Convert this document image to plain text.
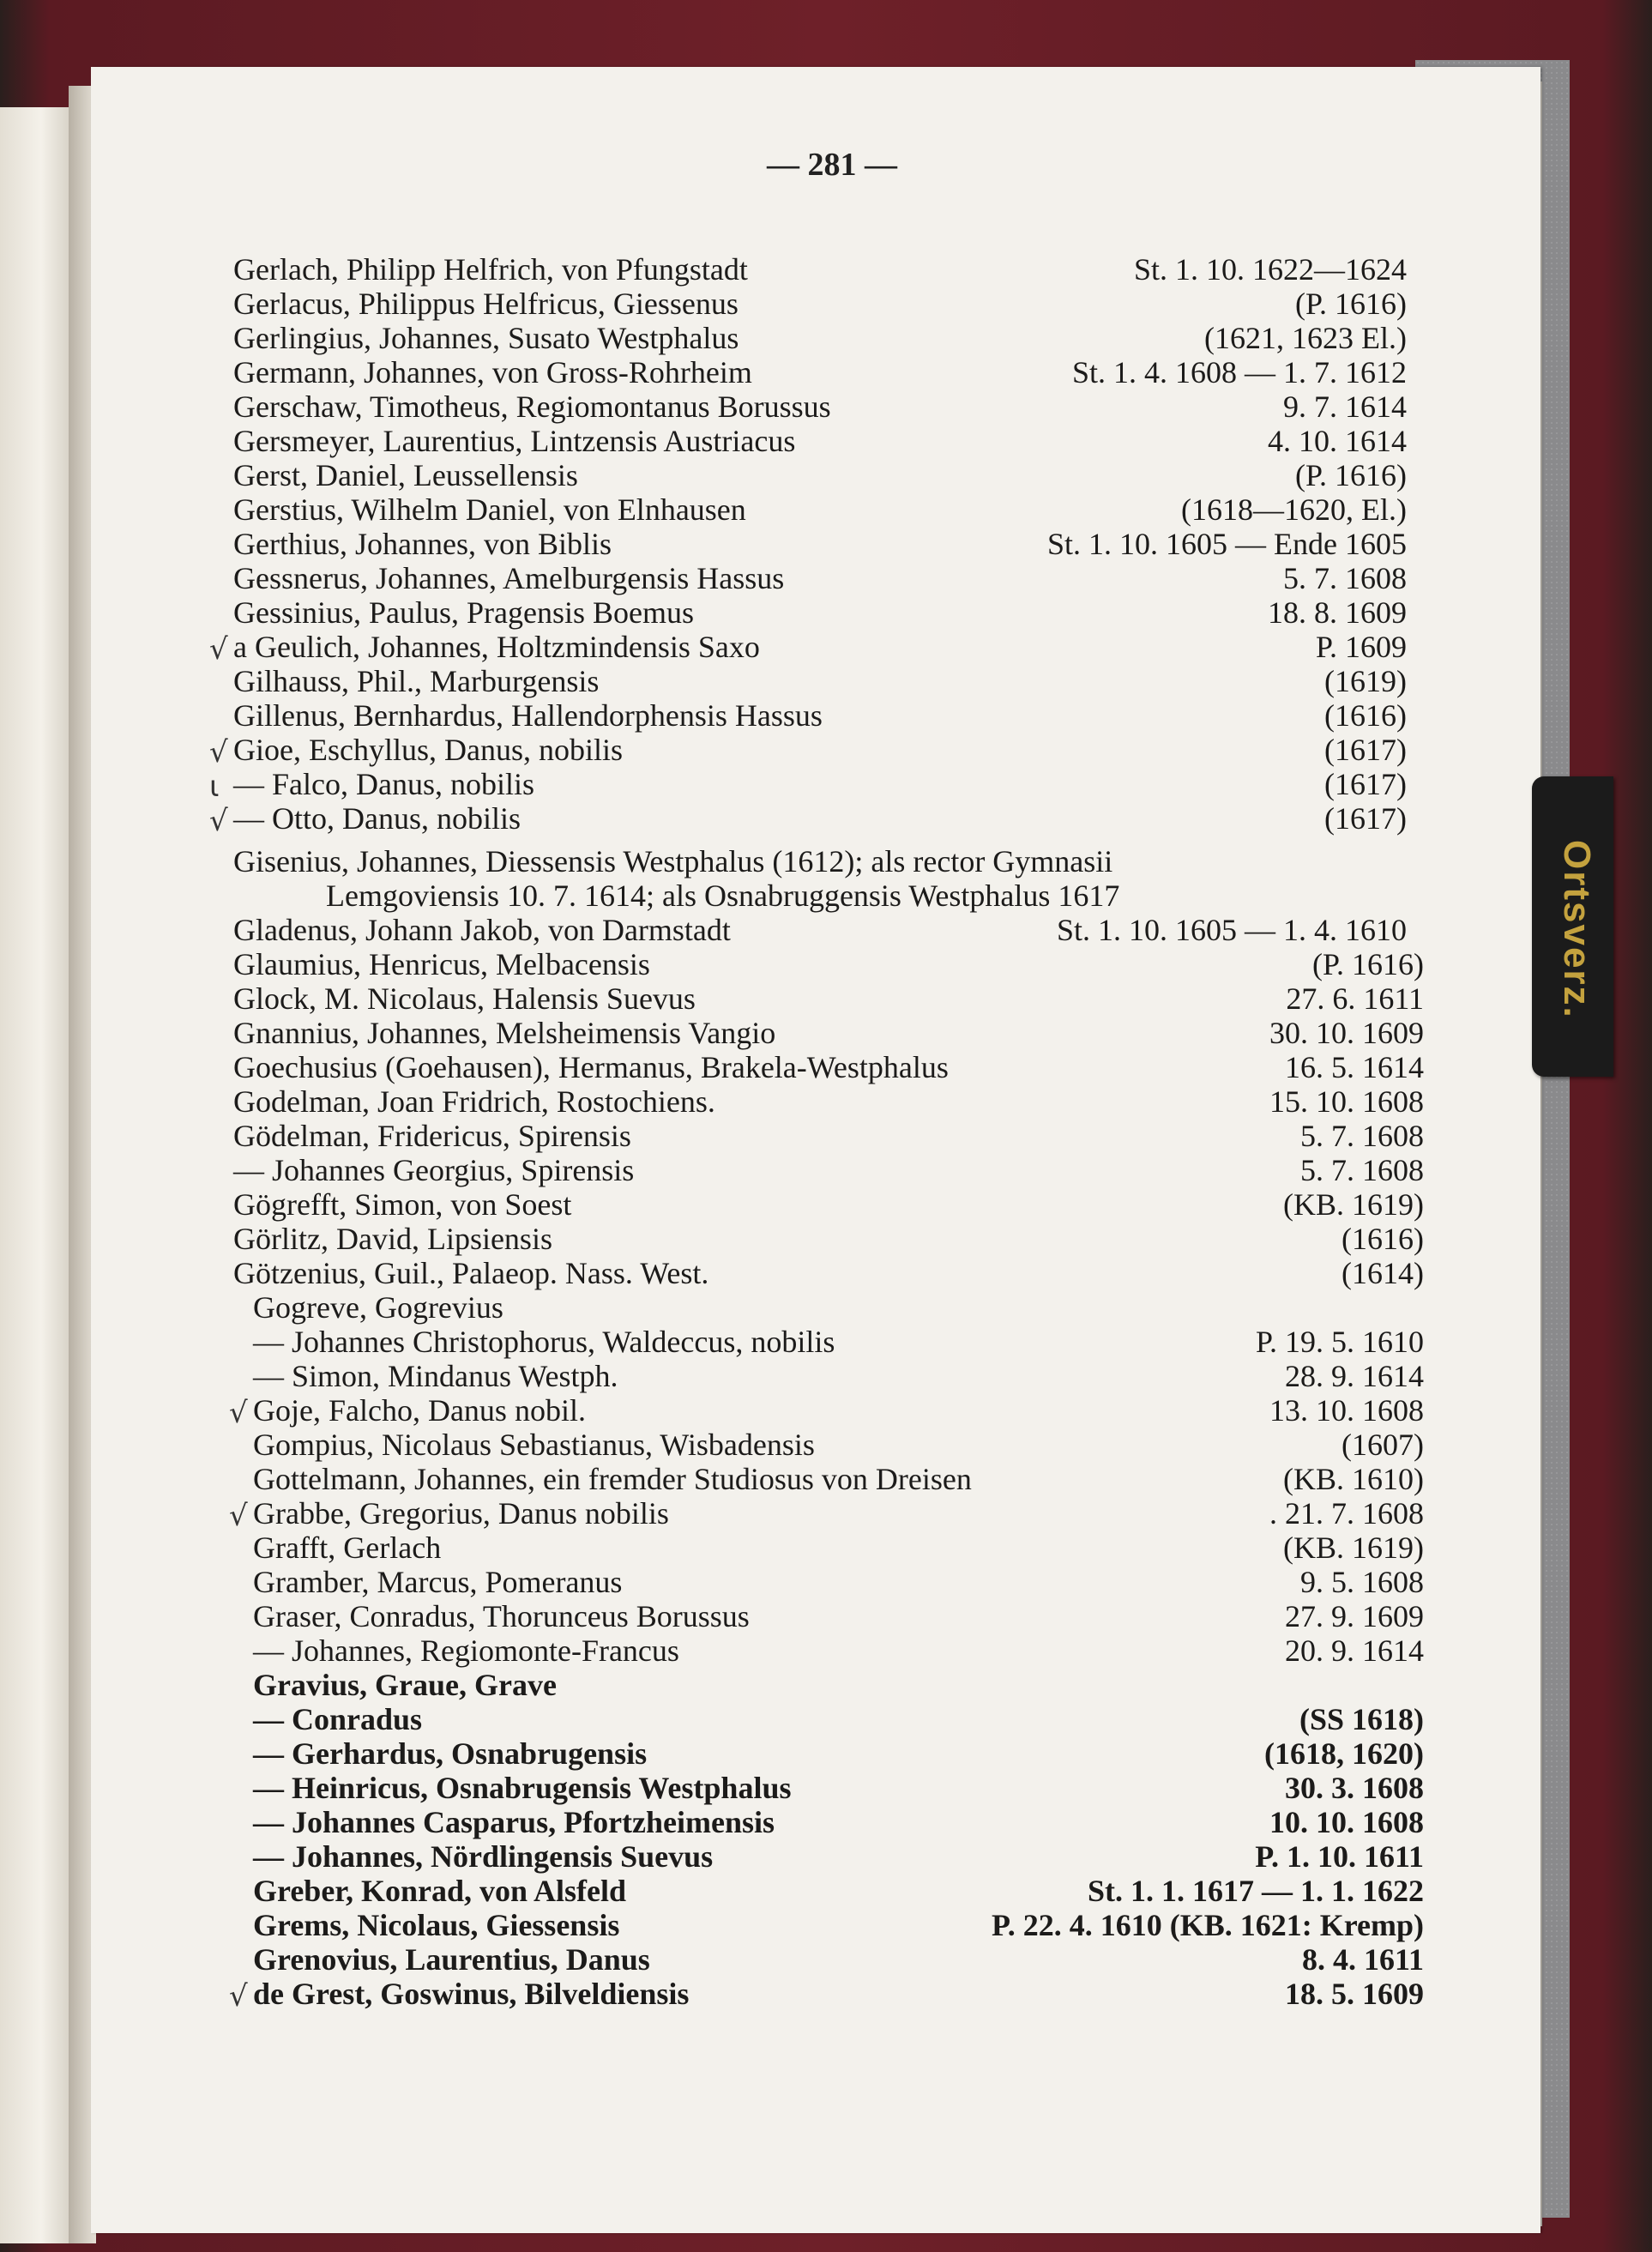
Ortsverz.
— 281 —
Gerlach, Philipp Helfrich, von Pfungstadt	St. 1. 10. 1622—1624
Gerlacus, Philippus Helfricus, Giessenus	(P. 1616)
Gerlingius, Johannes, Susato Westphalus	(1621, 1623 El.)
Germann, Johannes, von Gross-Rohrheim	St. 1. 4. 1608 — 1. 7. 1612
Gerschaw, Timotheus, Regiomontanus Borussus	9. 7. 1614
Gersmeyer, Laurentius, Lintzensis Austriacus	4. 10. 1614
Gerst, Daniel, Leussellensis	(P. 1616)
Gerstius, Wilhelm Daniel, von Elnhausen	(1618—1620, El.)
Gerthius, Johannes, von Biblis	St. 1. 10. 1605 — Ende 1605
Gessnerus, Johannes, Amelburgensis Hassus	5. 7. 1608
Gessinius, Paulus, Pragensis Boemus	18. 8. 1609
√ a Geulich, Johannes, Holtzmindensis Saxo	P. 1609
Gilhauss, Phil., Marburgensis	(1619)
Gillenus, Bernhardus, Hallendorphensis Hassus	(1616)
√ Gioe, Eschyllus, Danus, nobilis	(1617)
ι — Falco, Danus, nobilis	(1617)
√ — Otto, Danus, nobilis	(1617)
Gisenius, Johannes, Diessensis Westphalus (1612); als rector Gymnasii
Lemgoviensis 10. 7. 1614; als Osnabruggensis Westphalus 1617
Gladenus, Johann Jakob, von Darmstadt	St. 1. 10. 1605 — 1. 4. 1610
Glaumius, Henricus, Melbacensis	(P. 1616)
Glock, M. Nicolaus, Halensis Suevus	27. 6. 1611
Gnannius, Johannes, Melsheimensis Vangio	30. 10. 1609
Goechusius (Goehausen), Hermanus, Brakela-Westphalus	16. 5. 1614
Godelman, Joan Fridrich, Rostochiens.	15. 10. 1608
Gödelman, Fridericus, Spirensis	5. 7. 1608
— Johannes Georgius, Spirensis	5. 7. 1608
Gögrefft, Simon, von Soest	(KB. 1619)
Görlitz, David, Lipsiensis	(1616)
Götzenius, Guil., Palaeop. Nass. West.	(1614)
Gogreve, Gogrevius
— Johannes Christophorus, Waldeccus, nobilis	P. 19. 5. 1610
— Simon, Mindanus Westph.	28. 9. 1614
√ Goje, Falcho, Danus nobil.	13. 10. 1608
Gompius, Nicolaus Sebastianus, Wisbadensis	(1607)
Gottelmann, Johannes, ein fremder Studiosus von Dreisen	(KB. 1610)
√ Grabbe, Gregorius, Danus nobilis	. 21. 7. 1608
Grafft, Gerlach	(KB. 1619)
Gramber, Marcus, Pomeranus	9. 5. 1608
Graser, Conradus, Thorunceus Borussus	27. 9. 1609
— Johannes, Regiomonte-Francus	20. 9. 1614
Gravius, Graue, Grave
— Conradus	(SS 1618)
— Gerhardus, Osnabrugensis	(1618, 1620)
— Heinricus, Osnabrugensis Westphalus	30. 3. 1608
— Johannes Casparus, Pfortzheimensis	10. 10. 1608
— Johannes, Nördlingensis Suevus	P. 1. 10. 1611
Greber, Konrad, von Alsfeld	St. 1. 1. 1617 — 1. 1. 1622
Grems, Nicolaus, Giessensis	P. 22. 4. 1610 (KB. 1621: Kremp)
Grenovius, Laurentius, Danus	8. 4. 1611
√ de Grest, Goswinus, Bilveldiensis	18. 5. 1609
